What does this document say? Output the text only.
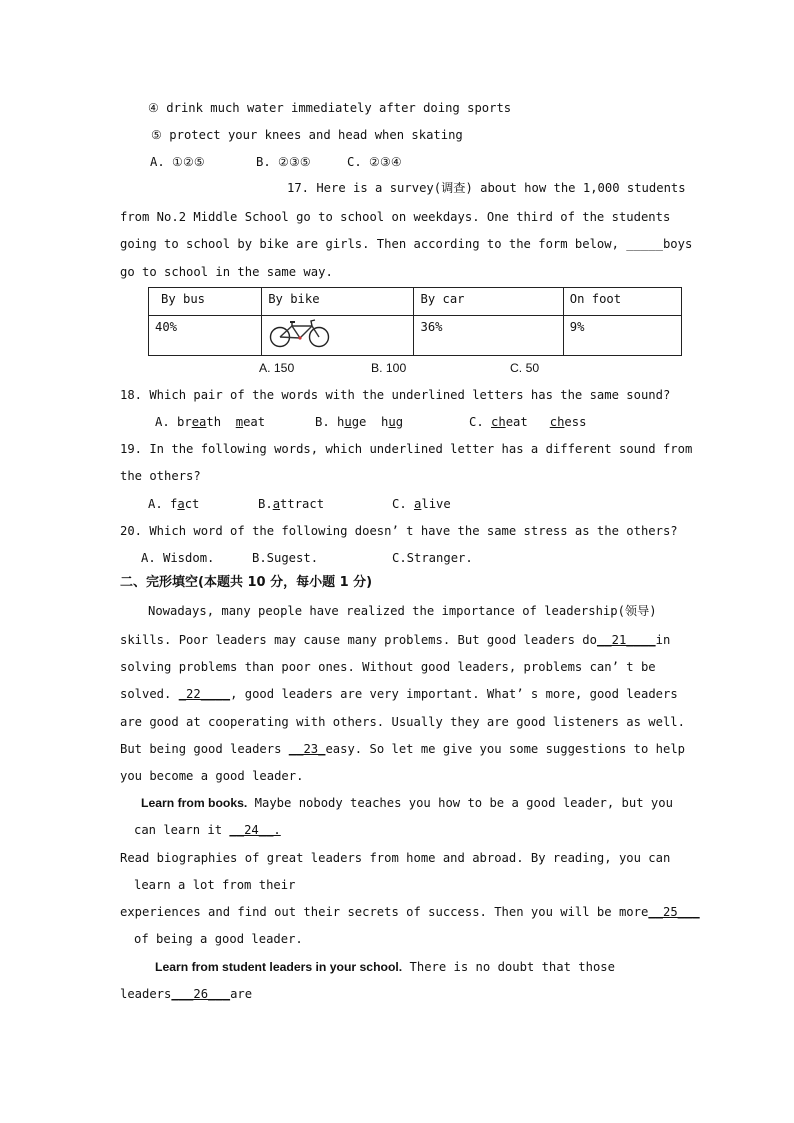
④ drink much water immediately after doing sports
⑤ protect your knees and head when skating
A. ①②⑤	B. ②③⑤	C. ②③④
17. Here is a survey(调查) about how the 1,000 students
from No.2 Middle School go to school on weekdays. One third of the students
going to school by bike are girls. Then according to the form below, _____boys
go to school in the same way.
By bus	By bike	By car	On foot
40%		36%	9%
A. 150	B. 100	C. 50
18. Which pair of the words with the underlined letters has the same sound?
A. breath  meat	B. huge  hug	C. cheat   chess
19. In the following words, which underlined letter has a different sound from
the others?
A. fact	B.attract	C. alive
20. Which word of the following doesn’ t have the same stress as the others?
A. Wisdom.	B.Sugest.	C.Stranger.
二、完形填空(本题共 10 分，每小题 1 分)
Nowadays, many people have realized the importance of leadership(领导)
skills. Poor leaders may cause many problems. But good leaders do__21____in
solving problems than poor ones. Without good leaders, problems can’ t be
solved. _22____, good leaders are very important. What’ s more, good leaders
are good at cooperating with others. Usually they are good listeners as well.
But being good leaders __23_easy. So let me give you some suggestions to help
you become a good leader.
Learn from books. Maybe nobody teaches you how to be a good leader, but you
can learn it __24__.
Read biographies of great leaders from home and abroad. By reading, you can
learn a lot from their
experiences and find out their secrets of success. Then you will be more__25___
of being a good leader.
Learn from student leaders in your school. There is no doubt that those
leaders___26___are
